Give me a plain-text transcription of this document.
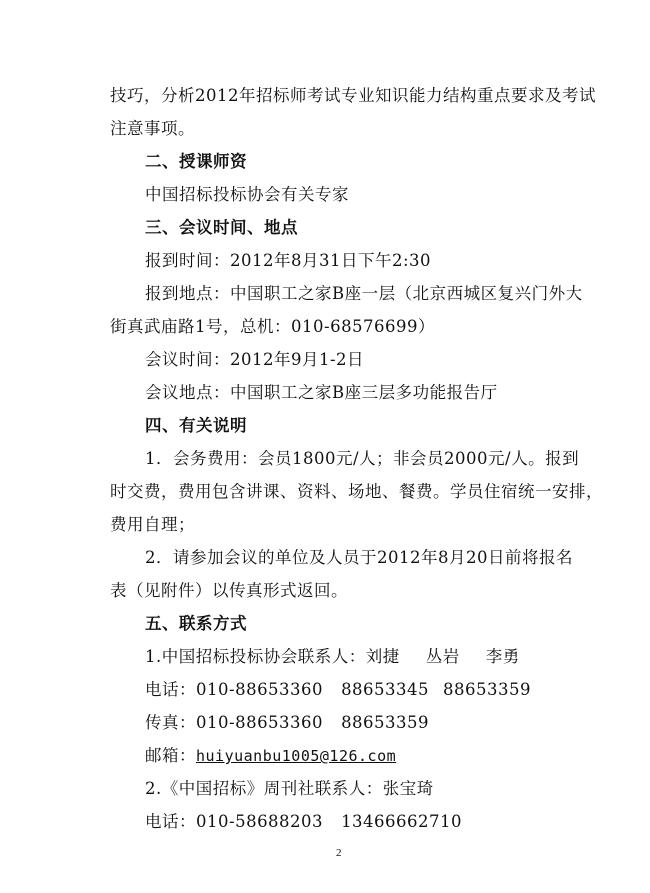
技巧，分析2012年招标师考试专业知识能力结构重点要求及考试
注意事项。
二、授课师资
中国招标投标协会有关专家
三、会议时间、地点
报到时间：2012年8月31日下午2:30
报到地点：中国职工之家B座一层（北京西城区复兴门外大
街真武庙路1号，总机：010-68576699）
会议时间：2012年9月1-2日
会议地点：中国职工之家B座三层多功能报告厅
四、有关说明
1．会务费用：会员1800元/人；非会员2000元/人。报到
时交费，费用包含讲课、资料、场地、餐费。学员住宿统一安排，
费用自理；
2．请参加会议的单位及人员于2012年8月20日前将报名
表（见附件）以传真形式返回。
五、联系方式
1.中国招标投标协会联系人：刘捷 丛岩 李勇
电话：010-88653360 88653345 88653359
传真：010-88653360 88653359
邮箱：huiyuanbu1005@126.com
2.《中国招标》周刊社联系人：张宝琦
电话：010-58688203 13466662710
2
